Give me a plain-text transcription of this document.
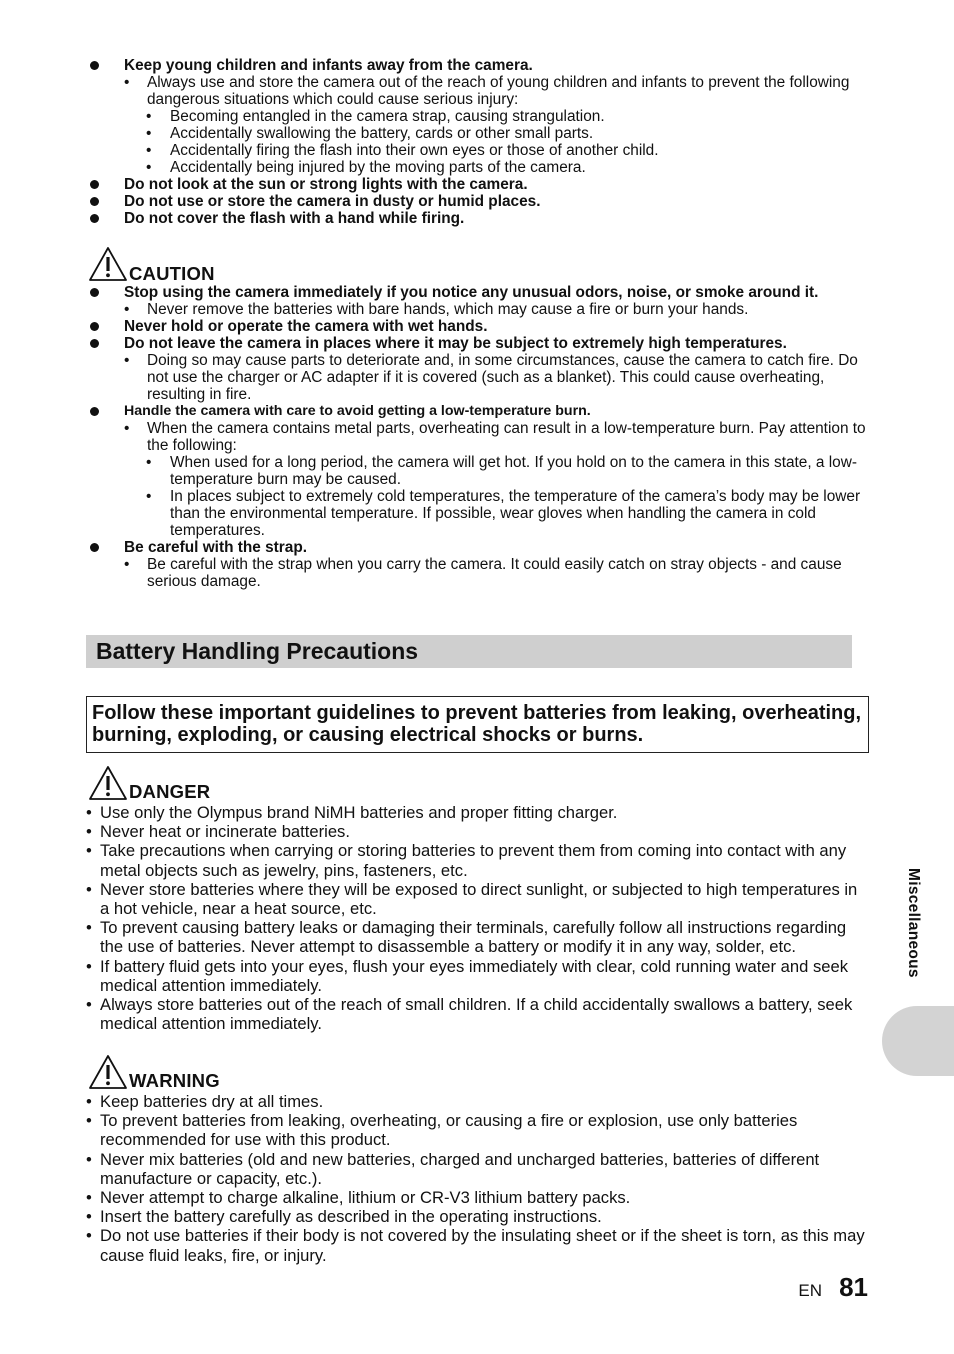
Keep young children and infants away from the camera.
• Always use and store the camera out of the reach of young children and infants to prevent the following dangerous situations which could cause serious injury:
• Becoming entangled in the camera strap, causing strangulation.
• Accidentally swallowing the battery, cards or other small parts.
• Accidentally firing the flash into their own eyes or those of another child.
• Accidentally being injured by the moving parts of the camera.
Do not look at the sun or strong lights with the camera.
Do not use or store the camera in dusty or humid places.
Do not cover the flash with a hand while firing.
CAUTION
Stop using the camera immediately if you notice any unusual odors, noise, or smoke around it.
• Never remove the batteries with bare hands, which may cause a fire or burn your hands.
Never hold or operate the camera with wet hands.
Do not leave the camera in places where it may be subject to extremely high temperatures.
• Doing so may cause parts to deteriorate and, in some circumstances, cause the camera to catch fire. Do not use the charger or AC adapter if it is covered (such as a blanket). This could cause overheating, resulting in fire.
Handle the camera with care to avoid getting a low-temperature burn.
• When the camera contains metal parts, overheating can result in a low-temperature burn. Pay attention to the following:
• When used for a long period, the camera will get hot. If you hold on to the camera in this state, a low-temperature burn may be caused.
• In places subject to extremely cold temperatures, the temperature of the camera’s body may be lower than the environmental temperature. If possible, wear gloves when handling the camera in cold temperatures.
Be careful with the strap.
• Be careful with the strap when you carry the camera. It could easily catch on stray objects - and cause serious damage.
Battery Handling Precautions
Follow these important guidelines to prevent batteries from leaking, overheating, burning, exploding, or causing electrical shocks or burns.
DANGER
• Use only the Olympus brand NiMH batteries and proper fitting charger.
• Never heat or incinerate batteries.
• Take precautions when carrying or storing batteries to prevent them from coming into contact with any metal objects such as jewelry, pins, fasteners, etc.
• Never store batteries where they will be exposed to direct sunlight, or subjected to high temperatures in a hot vehicle, near a heat source, etc.
• To prevent causing battery leaks or damaging their terminals, carefully follow all instructions regarding the use of batteries. Never attempt to disassemble a battery or modify it in any way, solder, etc.
• If battery fluid gets into your eyes, flush your eyes immediately with clear, cold running water and seek medical attention immediately.
• Always store batteries out of the reach of small children. If a child accidentally swallows a battery, seek medical attention immediately.
WARNING
• Keep batteries dry at all times.
• To prevent batteries from leaking, overheating, or causing a fire or explosion, use only batteries recommended for use with this product.
• Never mix batteries (old and new batteries, charged and uncharged batteries, batteries of different manufacture or capacity, etc.).
• Never attempt to charge alkaline, lithium or CR-V3 lithium battery packs.
• Insert the battery carefully as described in the operating instructions.
• Do not use batteries if their body is not covered by the insulating sheet or if the sheet is torn, as this may cause fluid leaks, fire, or injury.
Miscellaneous
EN 81
